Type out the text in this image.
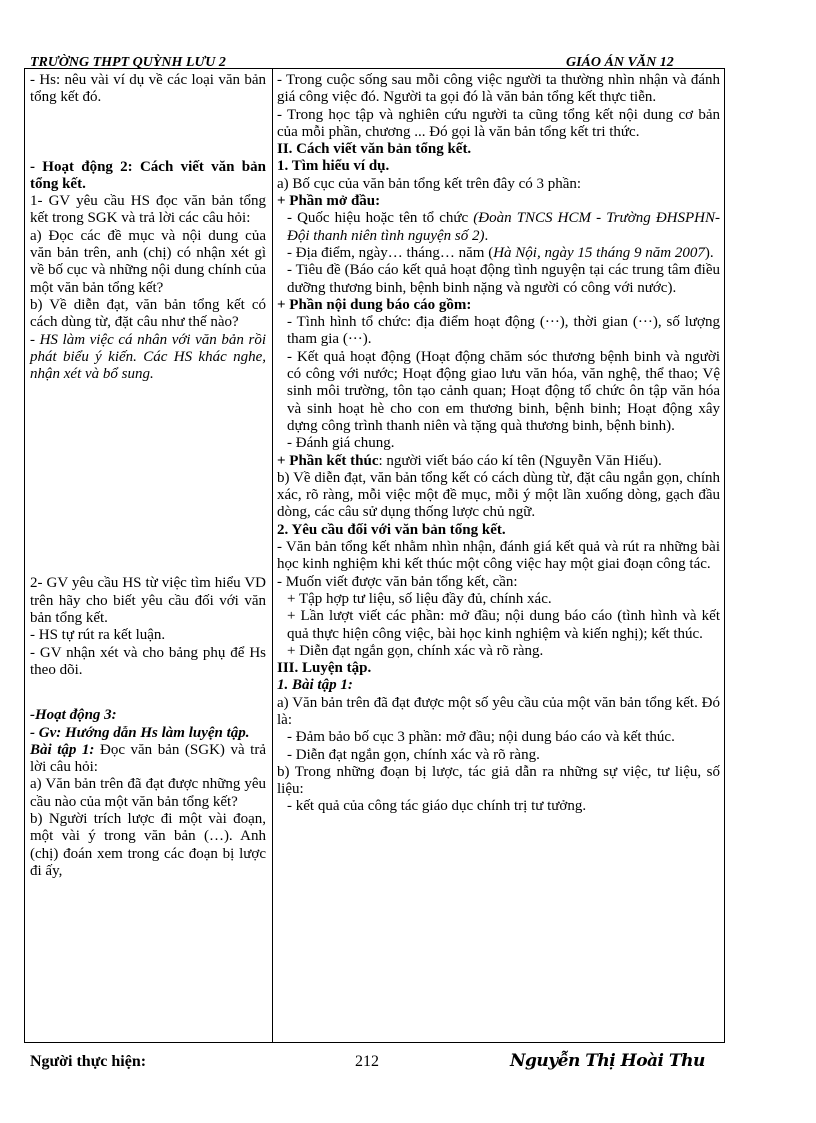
TRƯỜNG THPT QUỲNH LƯU 2	GIÁO ÁN VĂN 12

- Hs: nêu vài ví dụ về các loại văn bản tổng kết đó.

- Hoạt động 2: Cách viết văn bản tổng kết.

1- GV yêu cầu HS đọc văn bản tổng kết trong SGK và trả lời các câu hỏi:

a) Đọc các đề mục và nội dung của văn bản trên, anh (chị) có nhận xét gì về bố cục và những nội dung chính của một văn bản tổng kết?

b) Về diễn đạt, văn bản tổng kết có cách dùng từ, đặt câu như thế nào?

- HS làm việc cá nhân với văn bản rồi phát biểu ý kiến. Các HS khác nghe, nhận xét và bổ sung.

2- GV yêu cầu HS từ việc tìm hiểu VD trên hãy cho biết yêu cầu đối với văn bản tổng kết.

- HS tự rút ra kết luận.

- GV nhận xét và cho bảng phụ để Hs theo dõi.

-Hoạt động 3:

- Gv: Hướng dẫn Hs làm luyện tập.

Bài tập 1: Đọc văn bản (SGK) và trả lời câu hỏi:

a) Văn bản trên đã đạt được những yêu cầu nào của một văn bản tổng kết?

b) Người trích lược đi một vài đoạn, một vài ý trong văn bản (…). Anh (chị) đoán xem trong các đoạn bị lược đi ấy,

- Trong cuộc sống sau mỗi công việc người ta thường nhìn nhận và đánh giá công việc đó. Người ta gọi đó là văn bản tổng kết thực tiễn.

- Trong học tập và nghiên cứu người ta cũng tổng kết nội dung cơ bản của mỗi phần, chương ... Đó gọi là văn bản tổng kết tri thức.

II. Cách viết văn bản tổng kết.

1. Tìm hiểu ví dụ.

a) Bố cục của văn bản tổng kết trên đây có 3 phần:

+ Phần mở đầu:

- Quốc hiệu hoặc tên tổ chức (Đoàn TNCS HCM - Trường ĐHSPHN- Đội thanh niên tình nguyện số 2).

- Địa điểm, ngày… tháng… năm (Hà Nội, ngày 15 tháng 9 năm 2007).

- Tiêu đề (Báo cáo kết quả hoạt động tình nguyện tại các trung tâm điều dưỡng thương binh, bệnh binh nặng và người có công với nước).

+ Phần nội dung báo cáo gồm:

- Tình hình tổ chức: địa điểm hoạt động (···), thời gian (···), số lượng tham gia (···).

- Kết quả hoạt động (Hoạt động chăm sóc thương bệnh binh và người có công với nước; Hoạt động giao lưu văn hóa, văn nghệ, thể thao; Vệ sinh môi trường, tôn tạo cảnh quan; Hoạt động tổ chức ôn tập văn hóa và sinh hoạt hè cho con em thương binh, bệnh binh; Hoạt động xây dựng công trình thanh niên và tặng quà thương binh, bệnh binh).

- Đánh giá chung.

+ Phần kết thúc: người viết báo cáo kí tên (Nguyễn Văn Hiếu).

b) Về diễn đạt, văn bản tổng kết có cách dùng từ, đặt câu ngắn gọn, chính xác, rõ ràng, mỗi việc một đề mục, mỗi ý một lần xuống dòng, gạch đầu dòng, các câu sử dụng thống lược chủ ngữ.

2. Yêu cầu đối với văn bản tổng kết.

- Văn bản tổng kết nhằm nhìn nhận, đánh giá kết quả và rút ra những bài học kinh nghiệm khi kết thúc một công việc hay một giai đoạn công tác.

- Muốn viết được văn bản tổng kết, cần:

+ Tập hợp tư liệu, số liệu đầy đủ, chính xác.

+ Lần lượt viết các phần: mở đầu; nội dung báo cáo (tình hình và kết quả thực hiện công việc, bài học kinh nghiệm và kiến nghị); kết thúc.

+ Diễn đạt ngắn gọn, chính xác và rõ ràng.

III. Luyện tập.

1. Bài tập 1:

a) Văn bản trên đã đạt được một số yêu cầu của một văn bản tổng kết. Đó là:

- Đảm bảo bố cục 3 phần: mở đầu; nội dung báo cáo và kết thúc.

- Diễn đạt ngắn gọn, chính xác và rõ ràng.

b) Trong những đoạn bị lược, tác giả dẫn ra những sự việc, tư liệu, số liệu:

- kết quả của công tác giáo dục chính trị tư tưởng.

Người thực hiện:	212	Nguyễn Thị Hoài Thu
